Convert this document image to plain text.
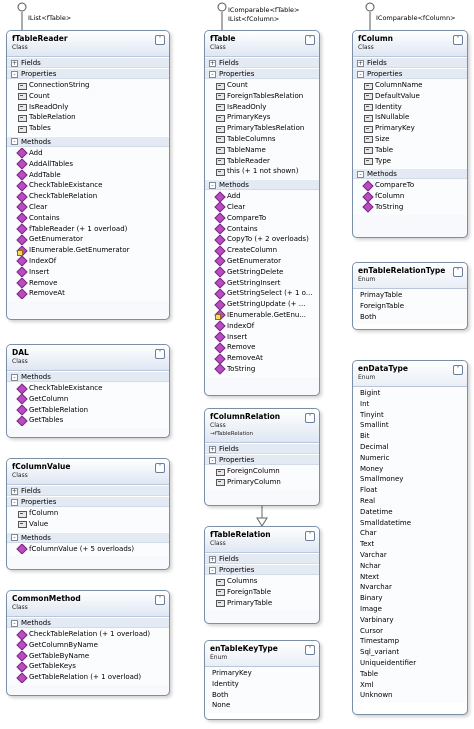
IList<fTable>
IComparable<fTable>
IList<fColumn>	IComparable<fColumn>
fTableReader
Class
˄
+ Fields
- Properties
ConnectionString
Count
IsReadOnly
TableRelation
Tables
- Methods
Add
AddAllTables
AddTable
CheckTableExistance
CheckTableRelation
Clear
Contains
fTableReader (+ 1 overload)
GetEnumerator
IEnumerable.GetEnumerator
IndexOf
Insert
Remove
RemoveAt
fTable
Class
˄
+ Fields
- Properties
Count
ForeignTablesRelation
IsReadOnly
PrimaryKeys
PrimaryTablesRelation
TableColumns
TableName
TableReader
this (+ 1 not shown)
- Methods
Add
Clear
CompareTo
Contains
CopyTo (+ 2 overloads)
CreateColumn
GetEnumerator
GetStringDelete
GetStringInsert
GetStringSelect (+ 1 o...
GetStringUpdate (+ ...
IEnumerable.GetEnu...
IndexOf
Insert
Remove
RemoveAt
ToString
fColumn
Class
˄
+ Fields
- Properties
ColumnName
DefaultValue
Identity
IsNullable
PrimaryKey
Size
Table
Type
- Methods
CompareTo
fColumn
ToString
enTableRelationType
Enum
˄
PrimayTable
ForeignTable
Both
DAL
Class
˄
- Methods
CheckTableExistance
GetColumn
GetTableRelation
GetTables	fColumnRelation
Class
→fTableRelation
˄
+ Fields
- Properties
ForeignColumn
PrimaryColumn
enDataType
Enum
˄
Bigint
Int
Tinyint
Smallint
Bit
Decimal
Numeric
Money
Smallmoney
Float
Real
Datetime
Smalldatetime
Char
Text
Varchar
Nchar
Ntext
Nvarchar
Binary
Image
Varbinary
Cursor
Timestamp
Sql_variant
Uniqueidentifier
Table
Xml
Unknown
fColumnValue
Class
˄
+ Fields
- Properties
fColumn
Value
- Methods
fColumnValue (+ 5 overloads)
fTableRelation
Class
˄
+ Fields
- Properties
Columns
ForeignTable
PrimaryTable
CommonMethod
Class
˄
- Methods
CheckTableRelation (+ 1 overload)
GetColumnByName
GetTableByName
GetTableKeys
GetTableRelation (+ 1 overload)
enTableKeyType
Enum
˄
PrimaryKey
Identity
Both
None
